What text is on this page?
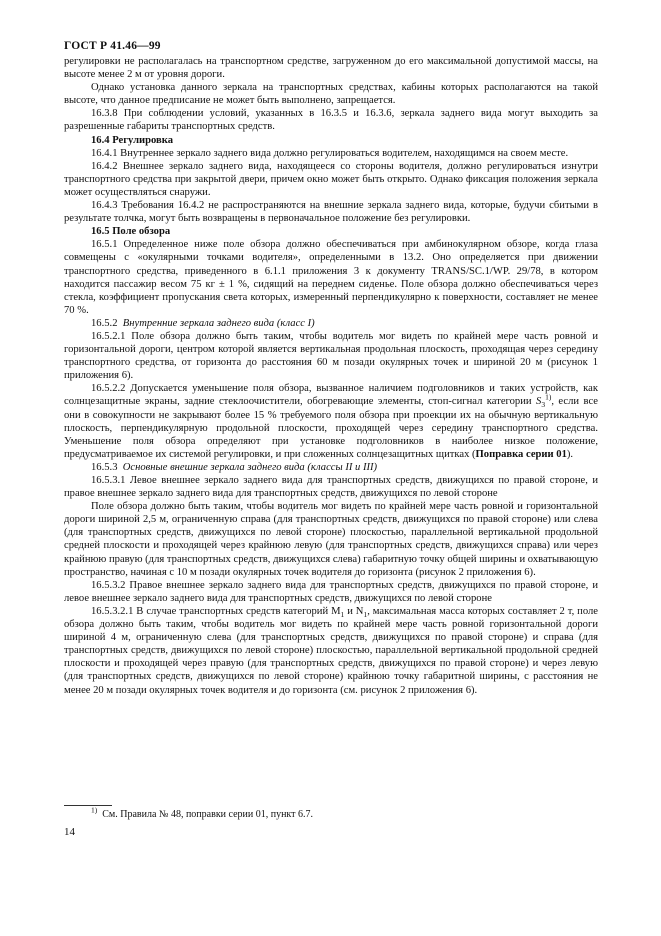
ГОСТ Р 41.46—99

регулировки не располагалась на транспортном средстве, загруженном до его максимальной допустимой массы, на высоте менее 2 м от уровня дороги.

Однако установка данного зеркала на транспортных средствах, кабины которых располагаются на такой высоте, что данное предписание не может быть выполнено, запрещается.

16.3.8 При соблюдении условий, указанных в 16.3.5 и 16.3.6, зеркала заднего вида могут выходить за разрешенные габариты транспортных средств.

16.4 Регулировка

16.4.1 Внутреннее зеркало заднего вида должно регулироваться водителем, находящимся на своем месте.

16.4.2 Внешнее зеркало заднего вида, находящееся со стороны водителя, должно регулироваться изнутри транспортного средства при закрытой двери, причем окно может быть открыто. Однако фиксация положения зеркала может осуществляться снаружи.

16.4.3 Требования 16.4.2 не распространяются на внешние зеркала заднего вида, которые, будучи сбитыми в результате толчка, могут быть возвращены в первоначальное положение без регулировки.

16.5 Поле обзора

16.5.1 Определенное ниже поле обзора должно обеспечиваться при амбинокулярном обзоре, когда глаза совмещены с «окулярными точками водителя», определенными в 13.2. Оно определяется при движении транспортного средства, приведенного в 6.1.1 приложения 3 к документу TRANS/SC.1/WP. 29/78, в котором находится пассажир весом 75 кг ± 1 %, сидящий на переднем сиденье. Поле обзора должно обеспечиваться через стекла, коэффициент пропускания света которых, измеренный перпендикулярно к поверхности, составляет не менее 70 %.

16.5.2 Внутренние зеркала заднего вида (класс I)

16.5.2.1 Поле обзора должно быть таким, чтобы водитель мог видеть по крайней мере часть ровной и горизонтальной дороги, центром которой является вертикальная продольная плоскость, проходящая через середину транспортного средства, от горизонта до расстояния 60 м позади окулярных точек и шириной 20 м (рисунок 1 приложения 6).

16.5.2.2 Допускается уменьшение поля обзора, вызванное наличием подголовников и таких устройств, как солнцезащитные экраны, задние стеклоочистители, обогревающие элементы, стоп-сигнал категории $S_3^{1)}$, если все они в совокупности не закрывают более 15 % требуемого поля обзора при проекции их на обычную вертикальную плоскость, перпендикулярную продольной плоскости, проходящей через середину транспортного средства. Уменьшение поля обзора определяют при установке подголовников в наиболее низкое положение, предусматриваемое их системой регулировки, и при сложенных солнцезащитных щитках (Поправка серии 01).

16.5.3 Основные внешние зеркала заднего вида (классы II и III)

16.5.3.1 Левое внешнее зеркало заднего вида для транспортных средств, движущихся по правой стороне, и правое внешнее зеркало заднего вида для транспортных средств, движущихся по левой стороне

Поле обзора должно быть таким, чтобы водитель мог видеть по крайней мере часть ровной и горизонтальной дороги шириной 2,5 м, ограниченную справа (для транспортных средств, движущихся по правой стороне) или слева (для транспортных средств, движущихся по левой стороне) плоскостью, параллельной вертикальной продольной средней плоскости и проходящей через крайнюю левую (для транспортных средств, движущихся справа) или через крайнюю правую (для транспортных средств, движущихся слева) габаритную точку общей ширины и охватывающую пространство, начиная с 10 м позади окулярных точек водителя до горизонта (рисунок 2 приложения 6).

16.5.3.2 Правое внешнее зеркало заднего вида для транспортных средств, движущихся по правой стороне, и левое внешнее зеркало заднего вида для транспортных средств, движущихся по левой стороне

16.5.3.2.1 В случае транспортных средств категорий $M_1$ и $N_1$, максимальная масса которых составляет 2 т, поле обзора должно быть таким, чтобы водитель мог видеть по крайней мере часть ровной горизонтальной дороги шириной 4 м, ограниченную слева (для транспортных средств, движущихся по правой стороне) и справа (для транспортных средств, движущихся по левой стороне) плоскостью, параллельной вертикальной продольной средней плоскости и проходящей через правую (для транспортных средств, движущихся по правой стороне) и через левую (для транспортных средств, движущихся по левой стороне) крайнюю точку габаритной ширины, с расстояния не менее 20 м позади окулярных точек водителя и до горизонта (см. рисунок 2 приложения 6).

$^{1)}$ См. Правила № 48, поправки серии 01, пункт 6.7.
14
